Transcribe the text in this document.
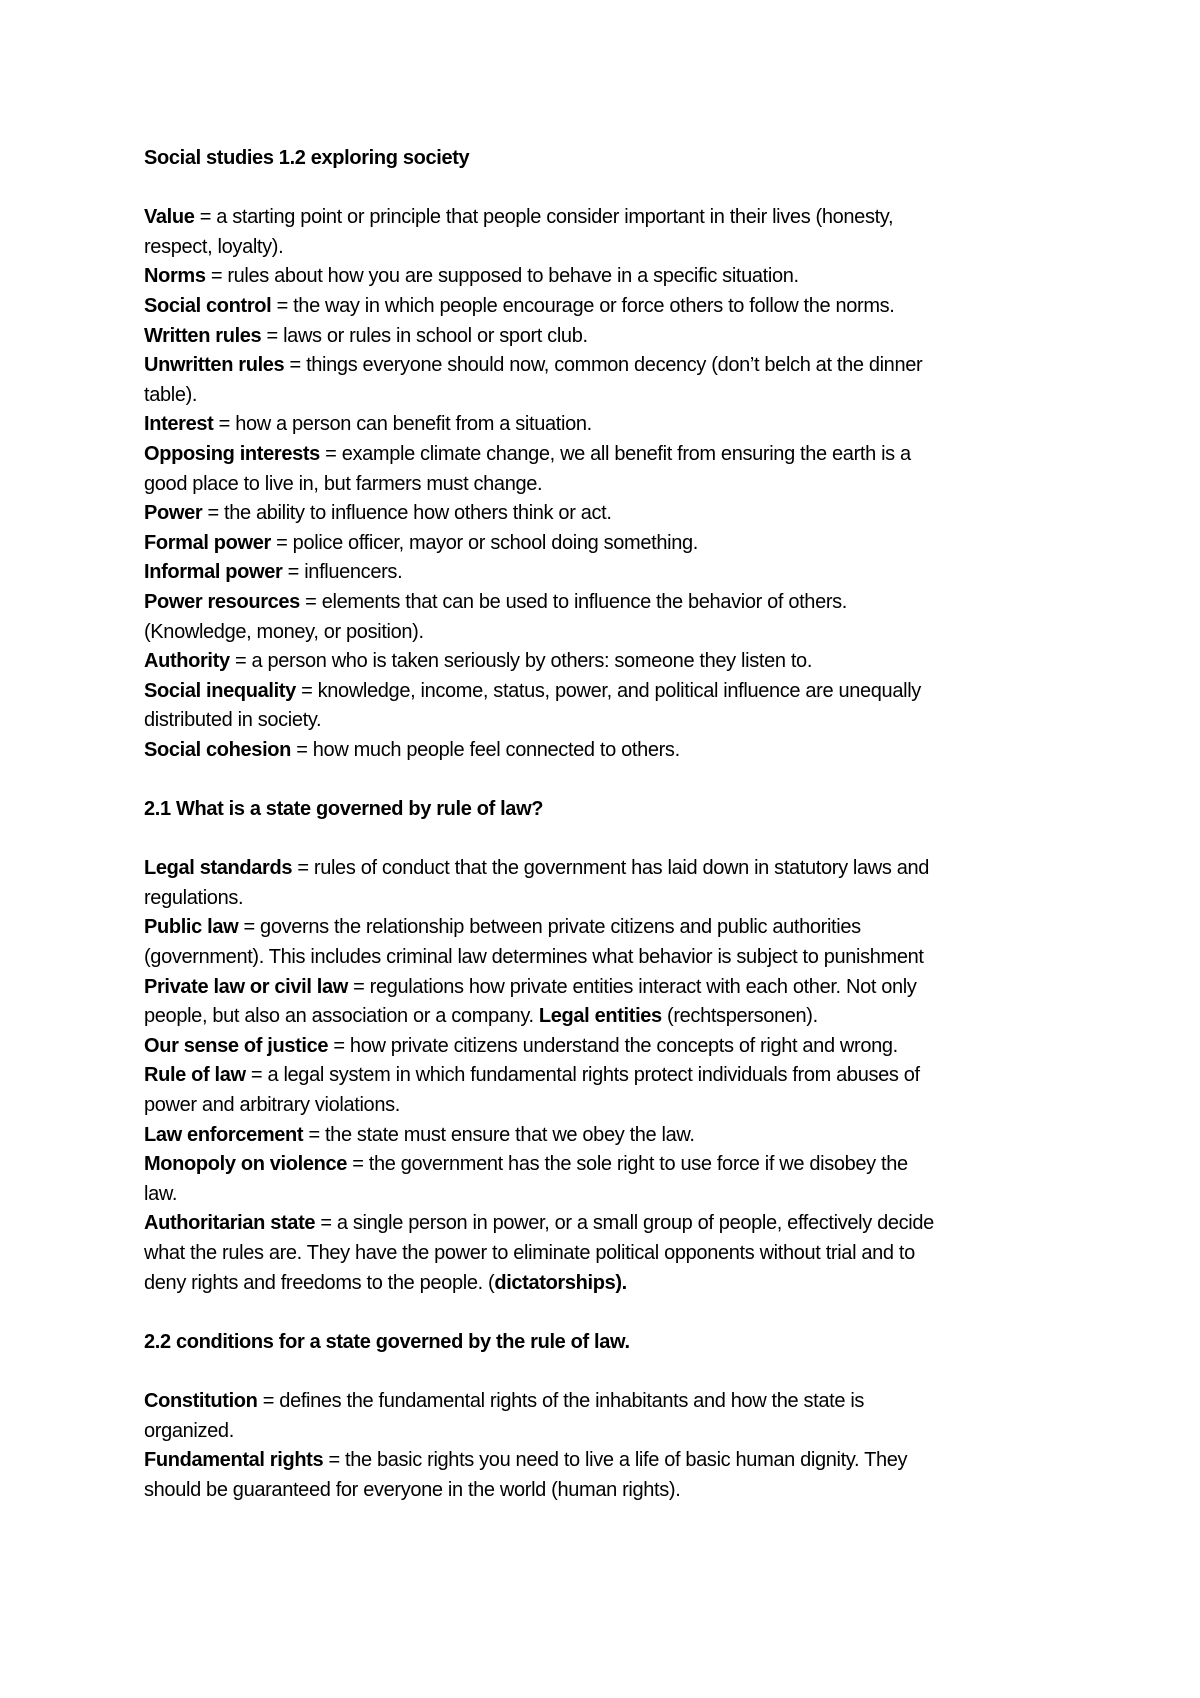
Social studies 1.2 exploring society

Value = a starting point or principle that people consider important in their lives (honesty,

respect, loyalty).

Norms = rules about how you are supposed to behave in a specific situation.

Social control = the way in which people encourage or force others to follow the norms.

Written rules = laws or rules in school or sport club.

Unwritten rules = things everyone should now, common decency (don’t belch at the dinner

table).

Interest = how a person can benefit from a situation.

Opposing interests = example climate change, we all benefit from ensuring the earth is a

good place to live in, but farmers must change.

Power = the ability to influence how others think or act.

Formal power = police officer, mayor or school doing something.

Informal power = influencers.

Power resources = elements that can be used to influence the behavior of others.

(Knowledge, money, or position).

Authority = a person who is taken seriously by others: someone they listen to.

Social inequality = knowledge, income, status, power, and political influence are unequally

distributed in society.

Social cohesion = how much people feel connected to others.

2.1 What is a state governed by rule of law?

Legal standards = rules of conduct that the government has laid down in statutory laws and

regulations.

Public law = governs the relationship between private citizens and public authorities

(government). This includes criminal law determines what behavior is subject to punishment

Private law or civil law = regulations how private entities interact with each other. Not only

people, but also an association or a company. Legal entities (rechtspersonen).

Our sense of justice = how private citizens understand the concepts of right and wrong.

Rule of law = a legal system in which fundamental rights protect individuals from abuses of

power and arbitrary violations.

Law enforcement = the state must ensure that we obey the law.

Monopoly on violence = the government has the sole right to use force if we disobey the

law.

Authoritarian state = a single person in power, or a small group of people, effectively decide

what the rules are. They have the power to eliminate political opponents without trial and to

deny rights and freedoms to the people. (dictatorships).

2.2 conditions for a state governed by the rule of law.

Constitution = defines the fundamental rights of the inhabitants and how the state is

organized.

Fundamental rights = the basic rights you need to live a life of basic human dignity. They

should be guaranteed for everyone in the world (human rights).
